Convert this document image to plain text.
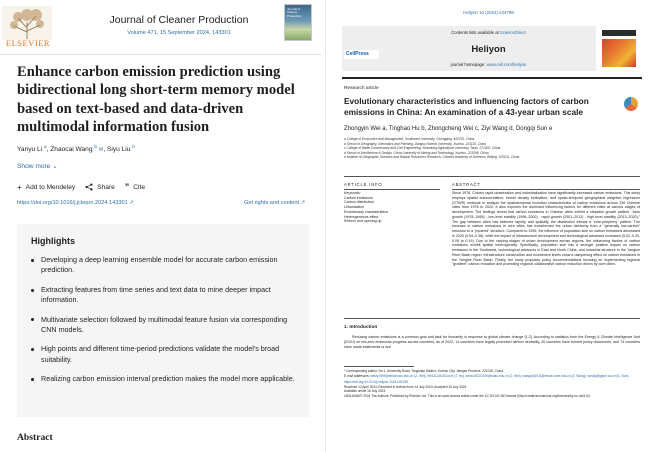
ELSEVIER
Journal of Cleaner Production
Volume 471, 15 September 2024, 143301
Journal of Cleaner Production
Enhance carbon emission prediction using bidirectional long short-term memory model based on text-based and data-driven multimodal information fusion
Yanyu Li $^a$, Zhaocai Wang $^b$ ✉, Siyu Liu $^b$
Show more ⌄
+ Add to Mendeley	Share ” Cite
https://doi.org/10.1016/j.jclepro.2024.143301 ↗	Get rights and content ↗
Highlights
Developing a deep learning ensemble model for accurate carbon emission prediction.
Extracting features from time series and text data to mine deeper impact information.
Multivariate selection followed by multimodal feature fusion via corresponding CNN models.
High points and different time-period predictions validate the model's broad suitability.
Realizing carbon emission interval prediction makes the model more applicable.
Abstract
Heliyon 10 (2024) e34798
CellPress
Contents lists available at ScienceDirect
Heliyon
journal homepage: www.cell.com/heliyon
Research article
Evolutionary characteristics and influencing factors of carbon emissions in China: An examination of a 43-year urban scale
Zhongyin Wei a, Tinghao Hu b, Zhongcheng Wei c, Ziyi Wang d, Dongqi Sun e
a College of Economics and Management, Southwest University, Chongqing, 400715, China
b School of Geography, Geomatics and Planning, Jiangsu Normal University, Xuzhou, 221116, China
c College of Water Conservancy and Civil Engineering, Shandong Agricultural University, Taian, 271002, China
d School of Architecture & Design, China University of Mining and Technology, Xuzhou, 221008, China
e Institute of Geographic Sciences and Natural Resources Research, Chinese Academy of Sciences, Beijing, 100101, China
ARTICLE INFO	ABSTRACT
Keywords:
Carbon emissions
Carbon distribution
Urbanization
Evolutionary characteristics
Heterogeneous effect
Reform and opening up
Since 1978, China's rapid urbanization and industrialization have significantly increased carbon emissions. This study employs spatial autocorrelation, kernel density estimation, and spatio-temporal geographical weighted regression (GTWR) methods to analyze the spatiotemporal evolution characteristics of carbon emissions across 336 Chinese cities from 1978 to 2020. It also explores the dominant influencing factors for different cities at various stages of development. The findings reveal that carbon emissions in Chinese cities exhibit a stepwise growth pattern: "slow growth (1978–1995) - low-level stability (1996–2000) - rapid growth (2001–2012) - high-level stability (2013–2020)." The gap between cities has widened rapidly, and spatially, the distribution follows a "core-periphery" pattern. The increase in carbon emissions in core cities has transformed the urban hierarchy from a "generally low-carbon" structure to a "pyramid" structure. Compared to 1995, the influence of population size on carbon emissions decreased in 2020 (0.54–0.38), while the impact of infrastructure development and technological advances increased (0.02–0.25, 0.09 to 0.19). Due to the varying stages of urban development across regions, the influencing factors of carbon emissions exhibit spatial heterogeneity. Specifically, population size has a stronger positive impact on carbon emissions in the Southwest, technological advances in East and North China, and industrial structure in the Yangtze River Basin region. Infrastructure construction and investment levels show a dampening effect on carbon emissions in the Yangtze River Basin. Finally, the study proposes policy recommendations focusing on implementing regional "gradient" carbon reduction and promoting regional collaborative carbon reduction driven by core cities.
1. Introduction
Reducing carbon emissions is a common goal and task for humanity in response to global climate change [1,2]. According to statistics from the Energy & Climate Intelligence Unit (ECIU) on net-zero emissions progress across countries, as of 2022, 14 countries have legally promoted carbon neutrality, 30 countries have formed policy documents, and 74 countries have made statements or are
* Corresponding author. No.1, University Road, Tongshan District, Xuzhou City, Jiangsu Province, 221018, China.
E-mail addresses: weizy1999@email.swu.edu.cn (Z. Wei), hth1111@163.com (T. Hu), weizc20222109@sdau.edu.cn (Z. Wei), wangziyi1911@email.cumt.edu.cn (Z. Wang), sundq@igsnrr.ac.cn (D. Sun).
https://doi.org/10.1016/j.heliyon.2024.e34798
Received 12 April 2024; Received in revised form 14 July 2024; Accepted 15 July 2024
Available online 16 July 2024
2405-8440/© 2024 The Authors. Published by Elsevier Ltd. This is an open access article under the CC BY-NC-ND license (http://creativecommons.org/licenses/by-nc-nd/4.0/).
